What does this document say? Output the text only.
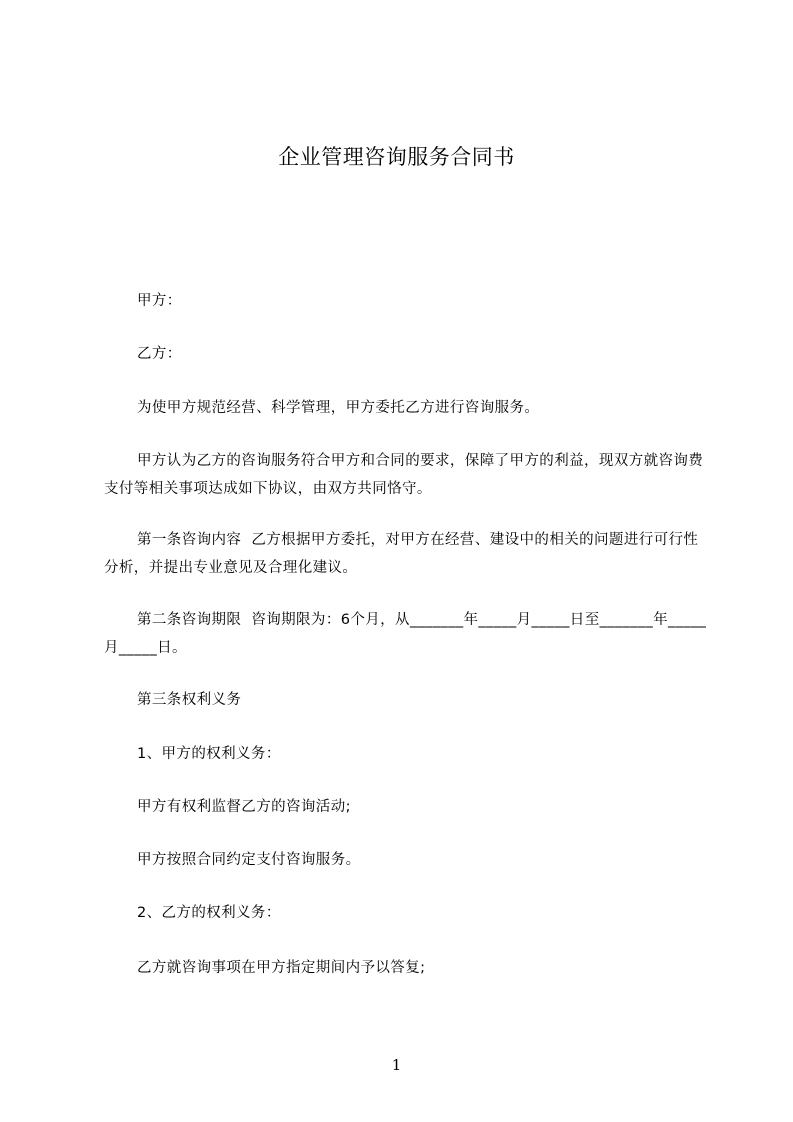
企业管理咨询服务合同书
甲方：
乙方：
为使甲方规范经营、科学管理，甲方委托乙方进行咨询服务。
甲方认为乙方的咨询服务符合甲方和合同的要求，保障了甲方的利益，现双方就咨询费支付等相关事项达成如下协议，由双方共同恪守。
第一条咨询内容  乙方根据甲方委托，对甲方在经营、建设中的相关的问题进行可行性分析，并提出专业意见及合理化建议。
第二条咨询期限  咨询期限为：6个月，从_______年_____月_____日至_______年_____月_____日。
第三条权利义务
1、甲方的权利义务：
甲方有权利监督乙方的咨询活动;
甲方按照合同约定支付咨询服务。
2、乙方的权利义务：
乙方就咨询事项在甲方指定期间内予以答复;
1
